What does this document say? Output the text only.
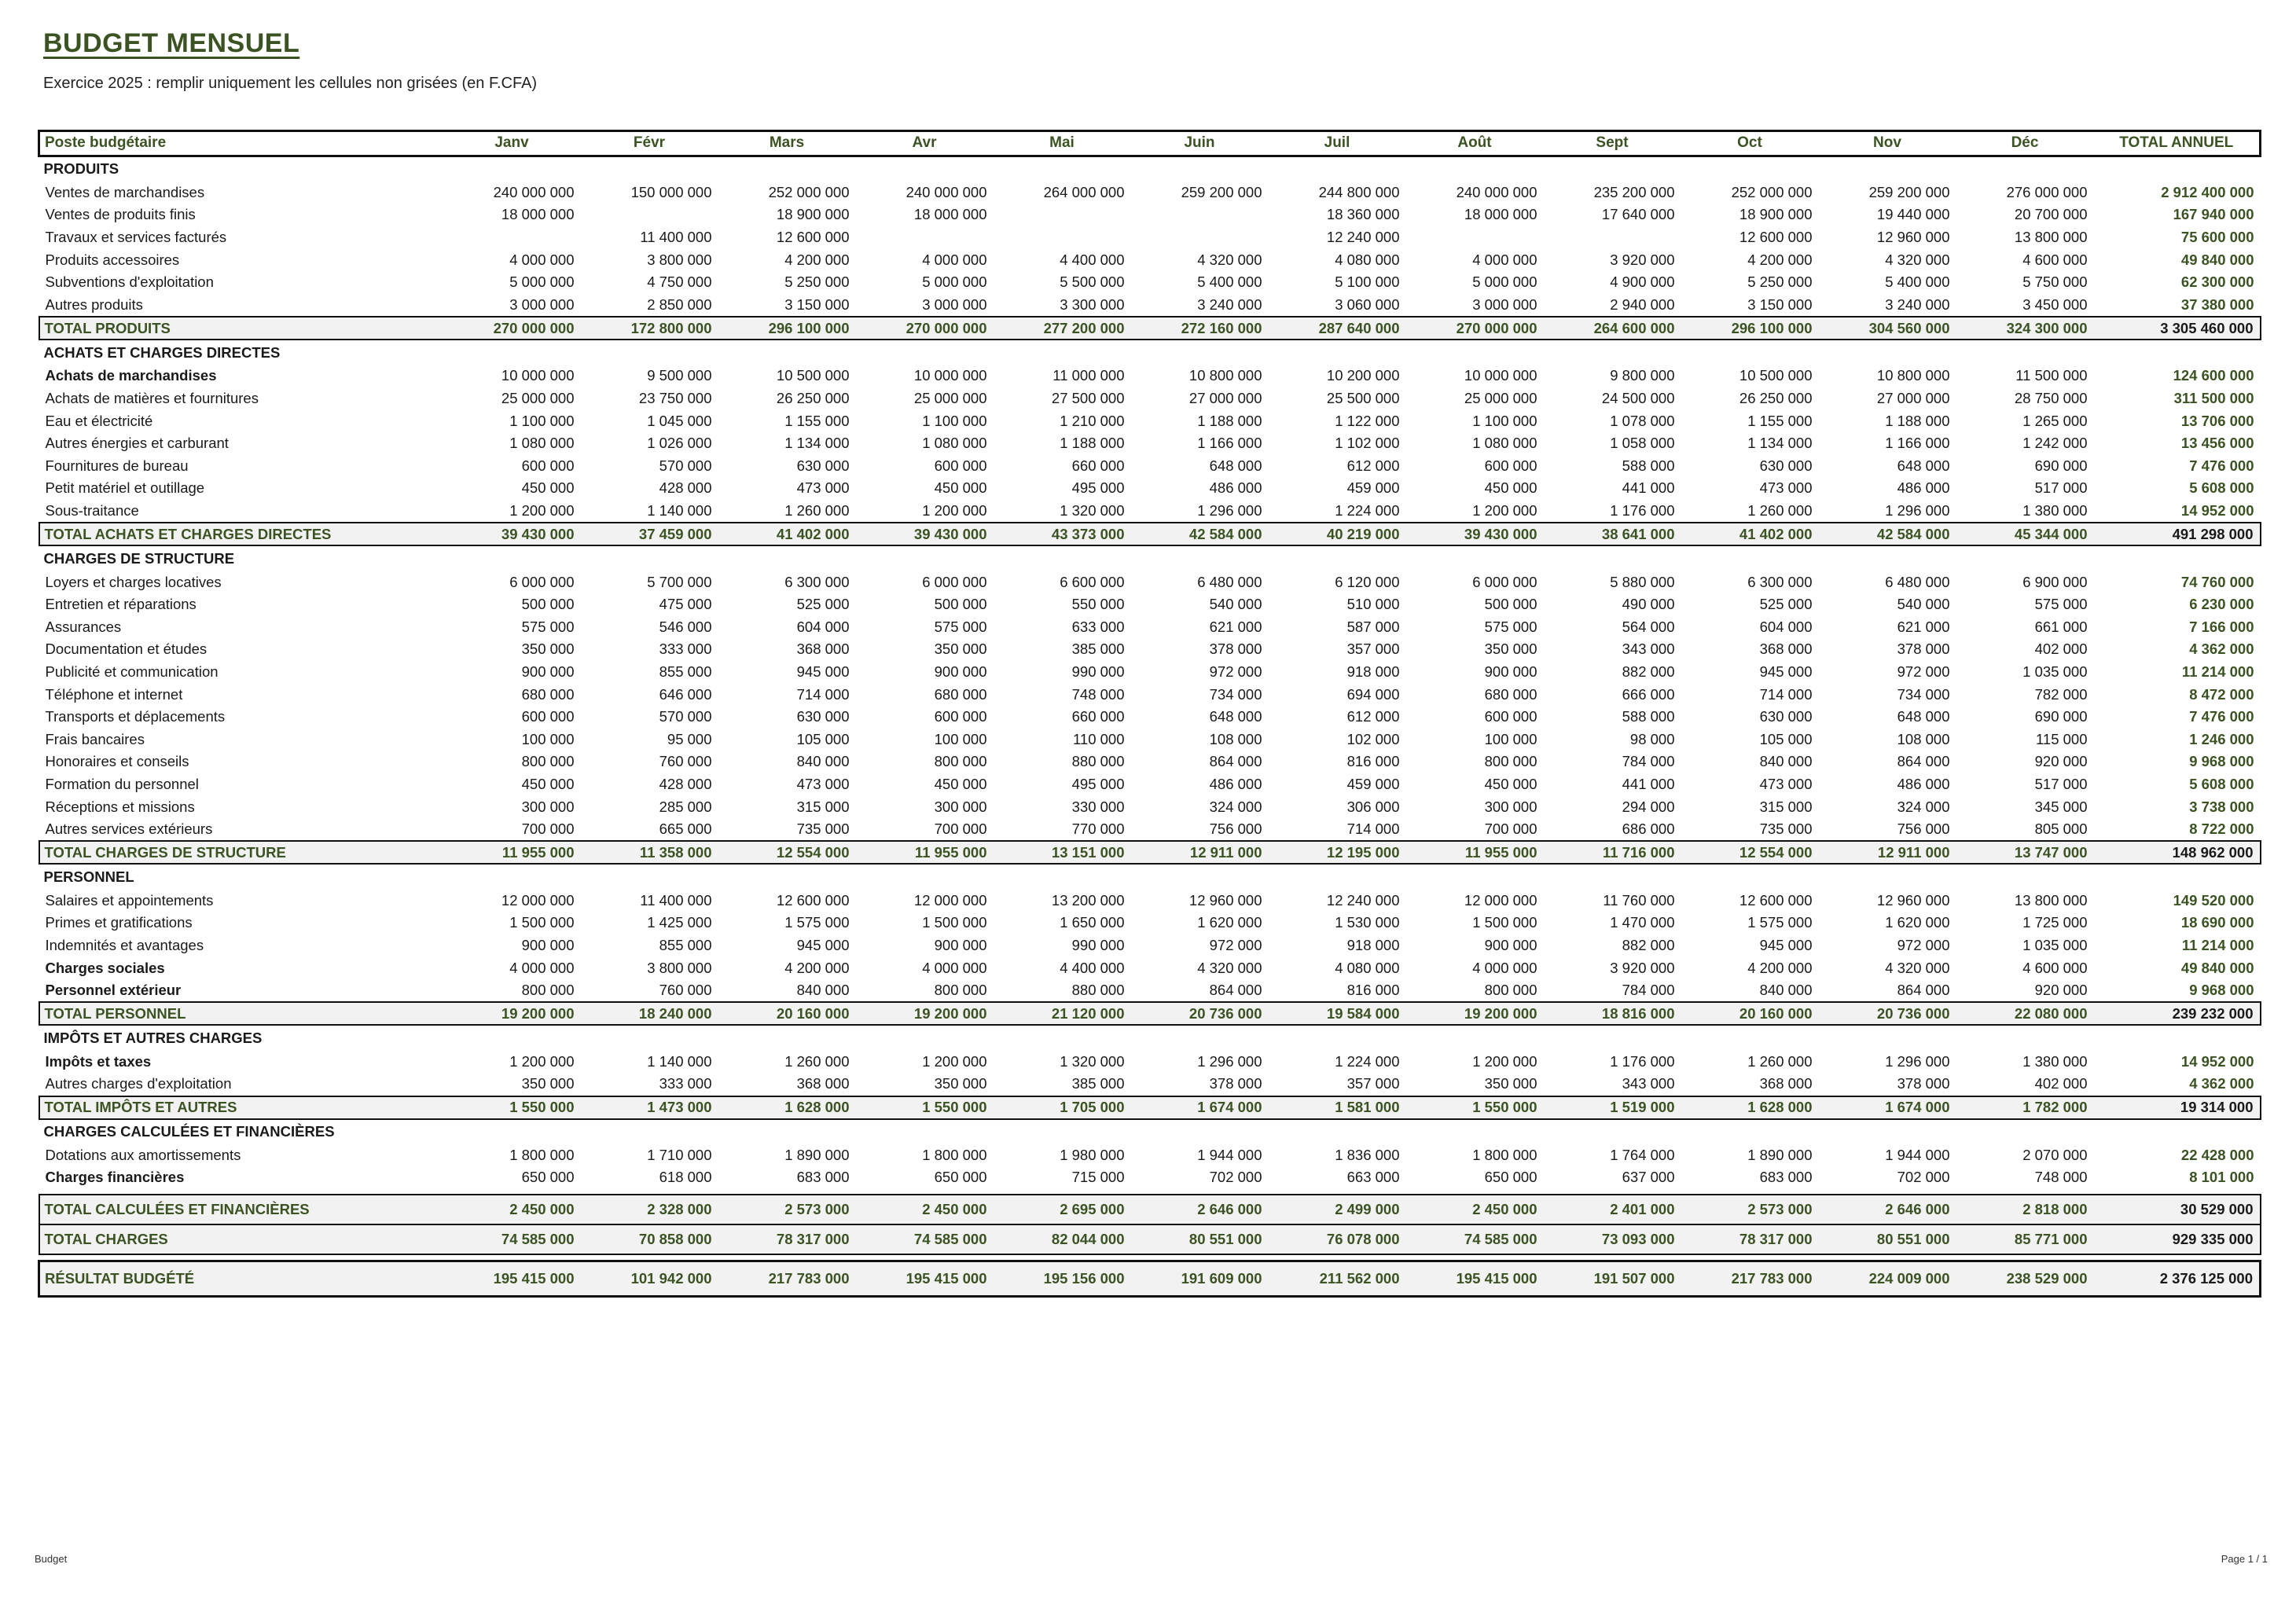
BUDGET MENSUEL
Exercice 2025 : remplir uniquement les cellules non grisées (en F.CFA)
Poste budgétaire	Janv	Févr	Mars	Avr	Mai	Juin	Juil	Août	Sept	Oct	Nov	Déc	TOTAL ANNUEL
PRODUITS													
Ventes de marchandises	240 000 000	150 000 000	252 000 000	240 000 000	264 000 000	259 200 000	244 800 000	240 000 000	235 200 000	252 000 000	259 200 000	276 000 000	2 912 400 000
Ventes de produits finis	18 000 000		18 900 000	18 000 000			18 360 000	18 000 000	17 640 000	18 900 000	19 440 000	20 700 000	167 940 000
Travaux et services facturés		11 400 000	12 600 000				12 240 000			12 600 000	12 960 000	13 800 000	75 600 000
Produits accessoires	4 000 000	3 800 000	4 200 000	4 000 000	4 400 000	4 320 000	4 080 000	4 000 000	3 920 000	4 200 000	4 320 000	4 600 000	49 840 000
Subventions d'exploitation	5 000 000	4 750 000	5 250 000	5 000 000	5 500 000	5 400 000	5 100 000	5 000 000	4 900 000	5 250 000	5 400 000	5 750 000	62 300 000
Autres produits	3 000 000	2 850 000	3 150 000	3 000 000	3 300 000	3 240 000	3 060 000	3 000 000	2 940 000	3 150 000	3 240 000	3 450 000	37 380 000
TOTAL PRODUITS	270 000 000	172 800 000	296 100 000	270 000 000	277 200 000	272 160 000	287 640 000	270 000 000	264 600 000	296 100 000	304 560 000	324 300 000	3 305 460 000
ACHATS ET CHARGES DIRECTES													
Achats de marchandises	10 000 000	9 500 000	10 500 000	10 000 000	11 000 000	10 800 000	10 200 000	10 000 000	9 800 000	10 500 000	10 800 000	11 500 000	124 600 000
Achats de matières et fournitures	25 000 000	23 750 000	26 250 000	25 000 000	27 500 000	27 000 000	25 500 000	25 000 000	24 500 000	26 250 000	27 000 000	28 750 000	311 500 000
Eau et électricité	1 100 000	1 045 000	1 155 000	1 100 000	1 210 000	1 188 000	1 122 000	1 100 000	1 078 000	1 155 000	1 188 000	1 265 000	13 706 000
Autres énergies et carburant	1 080 000	1 026 000	1 134 000	1 080 000	1 188 000	1 166 000	1 102 000	1 080 000	1 058 000	1 134 000	1 166 000	1 242 000	13 456 000
Fournitures de bureau	600 000	570 000	630 000	600 000	660 000	648 000	612 000	600 000	588 000	630 000	648 000	690 000	7 476 000
Petit matériel et outillage	450 000	428 000	473 000	450 000	495 000	486 000	459 000	450 000	441 000	473 000	486 000	517 000	5 608 000
Sous-traitance	1 200 000	1 140 000	1 260 000	1 200 000	1 320 000	1 296 000	1 224 000	1 200 000	1 176 000	1 260 000	1 296 000	1 380 000	14 952 000
TOTAL ACHATS ET CHARGES DIRECTES	39 430 000	37 459 000	41 402 000	39 430 000	43 373 000	42 584 000	40 219 000	39 430 000	38 641 000	41 402 000	42 584 000	45 344 000	491 298 000
CHARGES DE STRUCTURE													
Loyers et charges locatives	6 000 000	5 700 000	6 300 000	6 000 000	6 600 000	6 480 000	6 120 000	6 000 000	5 880 000	6 300 000	6 480 000	6 900 000	74 760 000
Entretien et réparations	500 000	475 000	525 000	500 000	550 000	540 000	510 000	500 000	490 000	525 000	540 000	575 000	6 230 000
Assurances	575 000	546 000	604 000	575 000	633 000	621 000	587 000	575 000	564 000	604 000	621 000	661 000	7 166 000
Documentation et études	350 000	333 000	368 000	350 000	385 000	378 000	357 000	350 000	343 000	368 000	378 000	402 000	4 362 000
Publicité et communication	900 000	855 000	945 000	900 000	990 000	972 000	918 000	900 000	882 000	945 000	972 000	1 035 000	11 214 000
Téléphone et internet	680 000	646 000	714 000	680 000	748 000	734 000	694 000	680 000	666 000	714 000	734 000	782 000	8 472 000
Transports et déplacements	600 000	570 000	630 000	600 000	660 000	648 000	612 000	600 000	588 000	630 000	648 000	690 000	7 476 000
Frais bancaires	100 000	95 000	105 000	100 000	110 000	108 000	102 000	100 000	98 000	105 000	108 000	115 000	1 246 000
Honoraires et conseils	800 000	760 000	840 000	800 000	880 000	864 000	816 000	800 000	784 000	840 000	864 000	920 000	9 968 000
Formation du personnel	450 000	428 000	473 000	450 000	495 000	486 000	459 000	450 000	441 000	473 000	486 000	517 000	5 608 000
Réceptions et missions	300 000	285 000	315 000	300 000	330 000	324 000	306 000	300 000	294 000	315 000	324 000	345 000	3 738 000
Autres services extérieurs	700 000	665 000	735 000	700 000	770 000	756 000	714 000	700 000	686 000	735 000	756 000	805 000	8 722 000
TOTAL CHARGES DE STRUCTURE	11 955 000	11 358 000	12 554 000	11 955 000	13 151 000	12 911 000	12 195 000	11 955 000	11 716 000	12 554 000	12 911 000	13 747 000	148 962 000
PERSONNEL													
Salaires et appointements	12 000 000	11 400 000	12 600 000	12 000 000	13 200 000	12 960 000	12 240 000	12 000 000	11 760 000	12 600 000	12 960 000	13 800 000	149 520 000
Primes et gratifications	1 500 000	1 425 000	1 575 000	1 500 000	1 650 000	1 620 000	1 530 000	1 500 000	1 470 000	1 575 000	1 620 000	1 725 000	18 690 000
Indemnités et avantages	900 000	855 000	945 000	900 000	990 000	972 000	918 000	900 000	882 000	945 000	972 000	1 035 000	11 214 000
Charges sociales	4 000 000	3 800 000	4 200 000	4 000 000	4 400 000	4 320 000	4 080 000	4 000 000	3 920 000	4 200 000	4 320 000	4 600 000	49 840 000
Personnel extérieur	800 000	760 000	840 000	800 000	880 000	864 000	816 000	800 000	784 000	840 000	864 000	920 000	9 968 000
TOTAL PERSONNEL	19 200 000	18 240 000	20 160 000	19 200 000	21 120 000	20 736 000	19 584 000	19 200 000	18 816 000	20 160 000	20 736 000	22 080 000	239 232 000
IMPÔTS ET AUTRES CHARGES													
Impôts et taxes	1 200 000	1 140 000	1 260 000	1 200 000	1 320 000	1 296 000	1 224 000	1 200 000	1 176 000	1 260 000	1 296 000	1 380 000	14 952 000
Autres charges d'exploitation	350 000	333 000	368 000	350 000	385 000	378 000	357 000	350 000	343 000	368 000	378 000	402 000	4 362 000
TOTAL IMPÔTS ET AUTRES	1 550 000	1 473 000	1 628 000	1 550 000	1 705 000	1 674 000	1 581 000	1 550 000	1 519 000	1 628 000	1 674 000	1 782 000	19 314 000
CHARGES CALCULÉES ET FINANCIÈRES													
Dotations aux amortissements	1 800 000	1 710 000	1 890 000	1 800 000	1 980 000	1 944 000	1 836 000	1 800 000	1 764 000	1 890 000	1 944 000	2 070 000	22 428 000
Charges financières	650 000	618 000	683 000	650 000	715 000	702 000	663 000	650 000	637 000	683 000	702 000	748 000	8 101 000

TOTAL CALCULÉES ET FINANCIÈRES	2 450 000	2 328 000	2 573 000	2 450 000	2 695 000	2 646 000	2 499 000	2 450 000	2 401 000	2 573 000	2 646 000	2 818 000	30 529 000
TOTAL CHARGES	74 585 000	70 858 000	78 317 000	74 585 000	82 044 000	80 551 000	76 078 000	74 585 000	73 093 000	78 317 000	80 551 000	85 771 000	929 335 000

RÉSULTAT BUDGÉTÉ	195 415 000	101 942 000	217 783 000	195 415 000	195 156 000	191 609 000	211 562 000	195 415 000	191 507 000	217 783 000	224 009 000	238 529 000	2 376 125 000
Budget	Page 1 / 1
